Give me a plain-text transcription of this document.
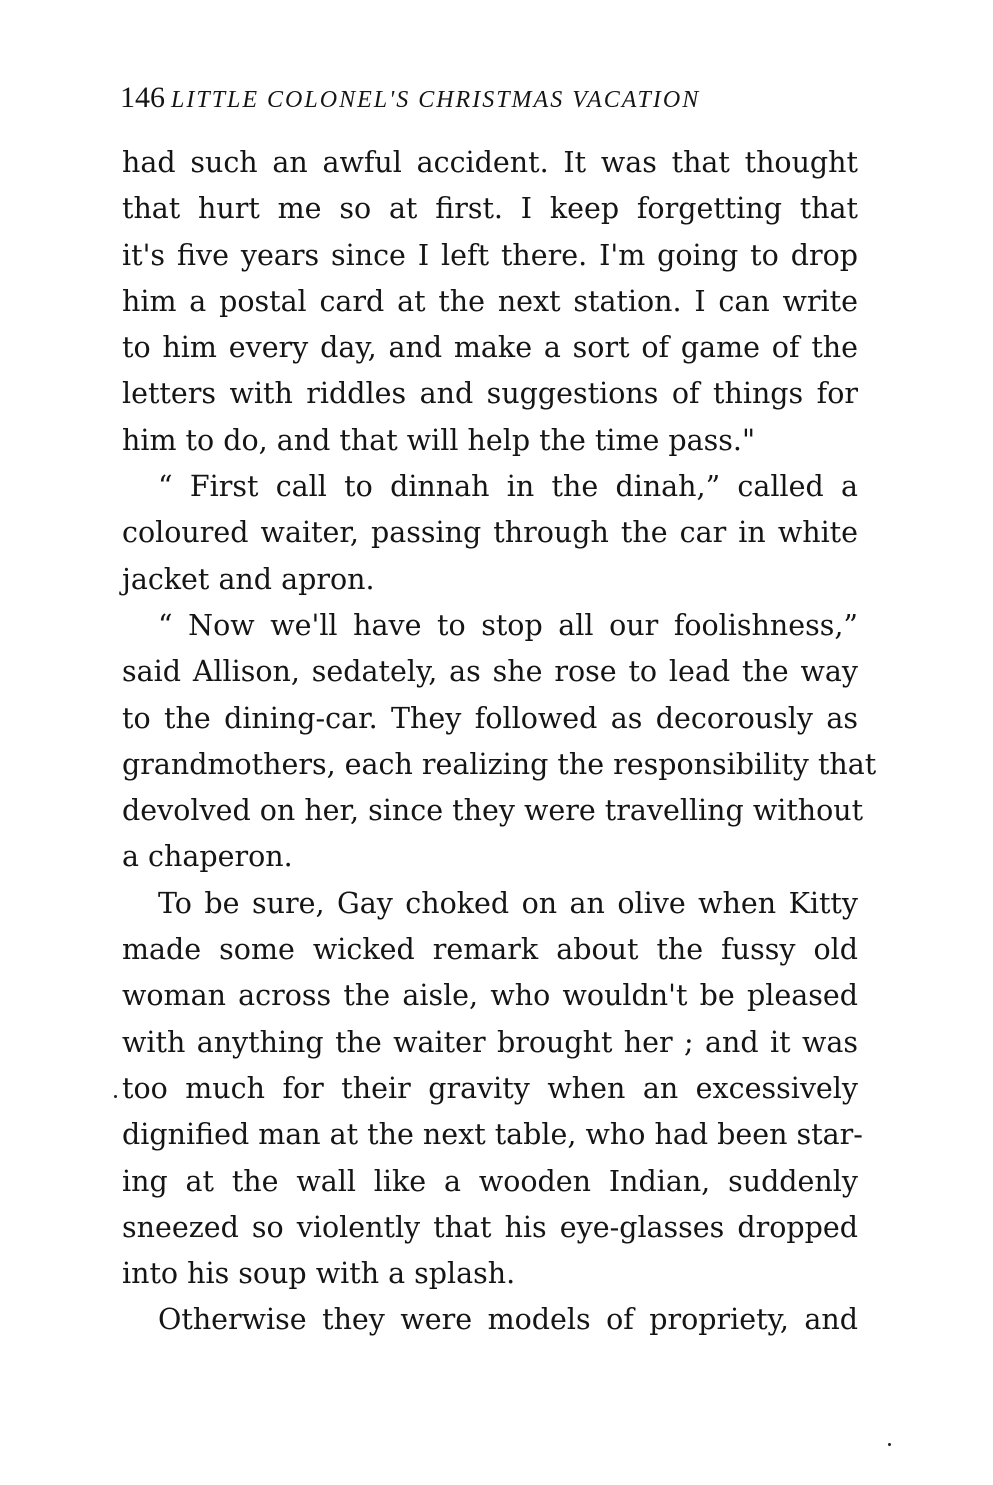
146 LITTLE COLONEL'S CHRISTMAS VACATION
had such an awful accident. It was that thought
that hurt me so at first. I keep forgetting that
it's five years since I left there. I'm going to drop
him a postal card at the next station. I can write
to him every day, and make a sort of game of the
letters with riddles and suggestions of things for
him to do, and that will help the time pass."
“ First call to dinnah in the dinah,” called a
coloured waiter, passing through the car in white
jacket and apron.
“ Now we'll have to stop all our foolishness,”
said Allison, sedately, as she rose to lead the way
to the dining-car. They followed as decorously as
grandmothers, each realizing the responsibility that
devolved on her, since they were travelling without
a chaperon.
To be sure, Gay choked on an olive when Kitty
made some wicked remark about the fussy old
woman across the aisle, who wouldn't be pleased
with anything the waiter brought her ; and it was
too much for their gravity when an excessively
dignified man at the next table, who had been star-
ing at the wall like a wooden Indian, suddenly
sneezed so violently that his eye-glasses dropped
into his soup with a splash.
Otherwise they were models of propriety, and
